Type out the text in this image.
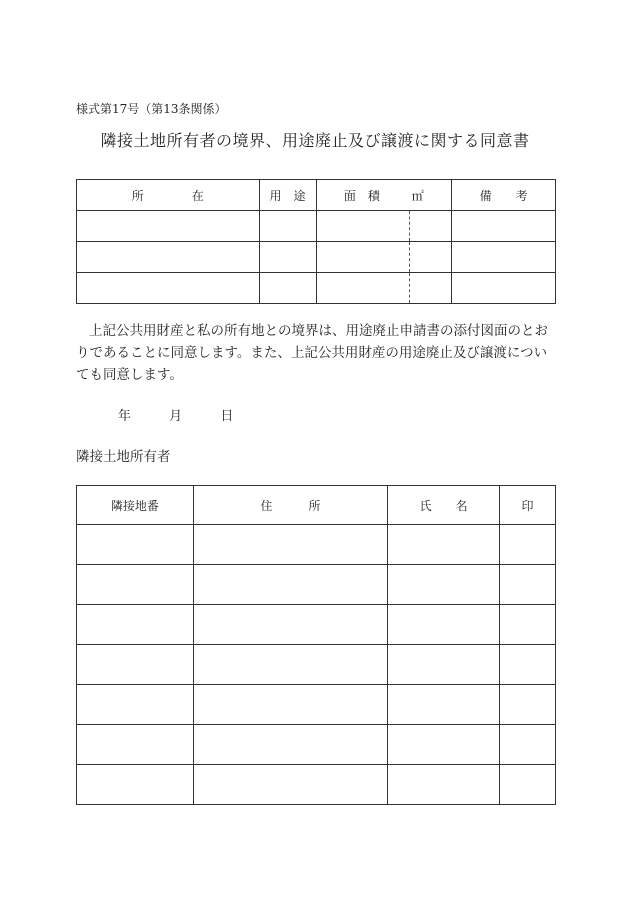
様式第17号（第13条関係）
隣接土地所有者の境界、用途廃止及び譲渡に関する同意書
所　　　　在	用　途	面　積 ㎡		備　　考

上記公共用財産と私の所有地との境界は、用途廃止申請書の添付図面のとおりであることに同意します。また、上記公共用財産の用途廃止及び譲渡についても同意します。
年	月	日
隣接土地所有者
隣接地番	住　　　所	氏　　名	印
